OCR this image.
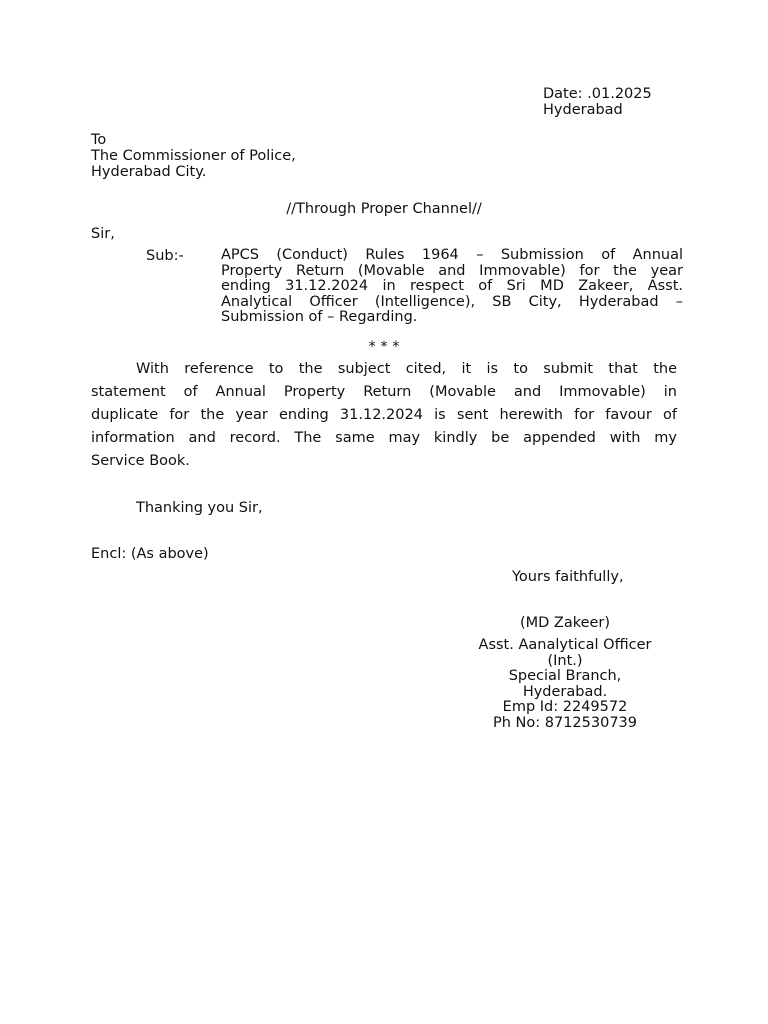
Date: .01.2025
Hyderabad
To
The Commissioner of Police,
Hyderabad City.
//Through Proper Channel//
Sir,
Sub:-	APCS (Conduct) Rules 1964 – Submission of Annual
Property Return (Movable and Immovable) for the year
ending 31.12.2024 in respect of Sri MD Zakeer, Asst.
Analytical Officer (Intelligence), SB City, Hyderabad –
Submission of – Regarding.
* * *
With reference to the subject cited, it is to submit that the
statement of Annual Property Return (Movable and Immovable) in
duplicate for the year ending 31.12.2024 is sent herewith for favour of
information and record. The same may kindly be appended with my
Service Book.
Thanking you Sir,
Encl: (As above)
Yours faithfully,
(MD Zakeer)
Asst. Aanalytical Officer
(Int.)
Special Branch,
Hyderabad.
Emp Id: 2249572
Ph No: 8712530739
